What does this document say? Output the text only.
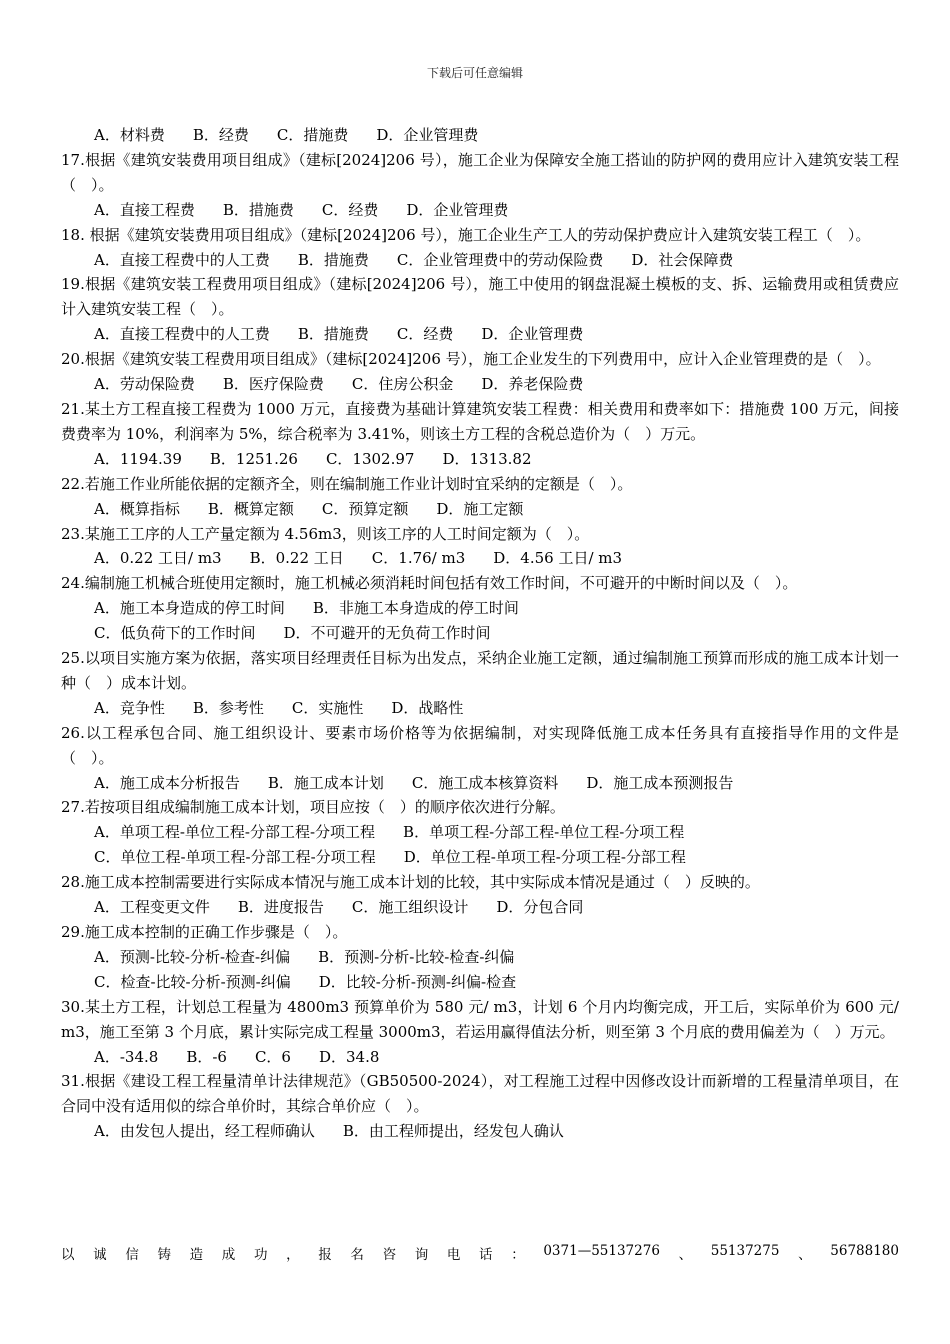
下载后可任意编辑
A．材料费 B．经费 C．措施费 D．企业管理费
17.根据《建筑安装费用项目组成》（建标[2024]206 号），施工企业为保障安全施工搭讪的防护网的费用应计入建筑安装工程（　）。
A．直接工程费 B．措施费 C．经费 D．企业管理费
18. 根据《建筑安装费用项目组成》（建标[2024]206 号），施工企业生产工人的劳动保护费应计入建筑安装工程工（　）。
A．直接工程费中的人工费 B．措施费 C．企业管理费中的劳动保险费 D．社会保障费
19.根据《建筑安装工程费用项目组成》（建标[2024]206 号），施工中使用的钢盘混凝土模板的支、拆、运输费用或租赁费应计入建筑安装工程（　）。
A．直接工程费中的人工费 B．措施费 C．经费 D．企业管理费
20.根据《建筑安装工程费用项目组成》（建标[2024]206 号），施工企业发生的下列费用中，应计入企业管理费的是（　）。
A．劳动保险费 B．医疗保险费 C．住房公积金 D．养老保险费
21.某土方工程直接工程费为 1000 万元，直接费为基础计算建筑安装工程费：相关费用和费率如下：措施费 100 万元，间接费费率为 10%，利润率为 5%，综合税率为 3.41%，则该土方工程的含税总造价为（　）万元。
A．1194.39 B．1251.26 C．1302.97 D．1313.82
22.若施工作业所能依据的定额齐全，则在编制施工作业计划时宜采纳的定额是（　）。
A．概算指标 B．概算定额 C．预算定额 D．施工定额
23.某施工工序的人工产量定额为 4.56m3，则该工序的人工时间定额为（　）。
A．0.22 工日/ m3 B．0.22 工日 C．1.76/ m3 D．4.56 工日/ m3
24.编制施工机械合班使用定额时，施工机械必须消耗时间包括有效工作时间，不可避开的中断时间以及（　）。
A．施工本身造成的停工时间 B．非施工本身造成的停工时间
C．低负荷下的工作时间 D．不可避开的无负荷工作时间
25.以项目实施方案为依据，落实项目经理责任目标为出发点，采纳企业施工定额，通过编制施工预算而形成的施工成本计划一种（　）成本计划。
A．竞争性 B．参考性 C．实施性 D．战略性
26.以工程承包合同、施工组织设计、要素市场价格等为依据编制，对实现降低施工成本任务具有直接指导作用的文件是（　）。
A．施工成本分析报告 B．施工成本计划 C．施工成本核算资料 D．施工成本预测报告
27.若按项目组成编制施工成本计划，项目应按（　）的顺序依次进行分解。
A．单项工程-单位工程-分部工程-分项工程 B．单项工程-分部工程-单位工程-分项工程
C．单位工程-单项工程-分部工程-分项工程 D．单位工程-单项工程-分项工程-分部工程
28.施工成本控制需要进行实际成本情况与施工成本计划的比较，其中实际成本情况是通过（　）反映的。
A．工程变更文件 B．进度报告 C．施工组织设计 D．分包合同
29.施工成本控制的正确工作步骤是（　）。
A．预测-比较-分析-检查-纠偏 B．预测-分析-比较-检查-纠偏
C．检查-比较-分析-预测-纠偏 D．比较-分析-预测-纠偏-检查
30.某土方工程，计划总工程量为 4800m3 预算单价为 580 元/ m3，计划 6 个月内均衡完成，开工后，实际单价为 600 元/ m3，施工至第 3 个月底，累计实际完成工程量 3000m3，若运用赢得值法分析，则至第 3 个月底的费用偏差为（　）万元。
A．-34.8 B．-6 C．6 D．34.8
31.根据《建设工程工程量清单计法律规范》（GB50500-2024），对工程施工过程中因修改设计而新增的工程量清单项目，在合同中没有适用似的综合单价时，其综合单价应（　）。
A．由发包人提出，经工程师确认 B．由工程师提出，经发包人确认
以 诚 信 铸 造 成 功 ， 报 名 咨 询 电 话 ： 0371—55137276 、 55137275 、 56788180
